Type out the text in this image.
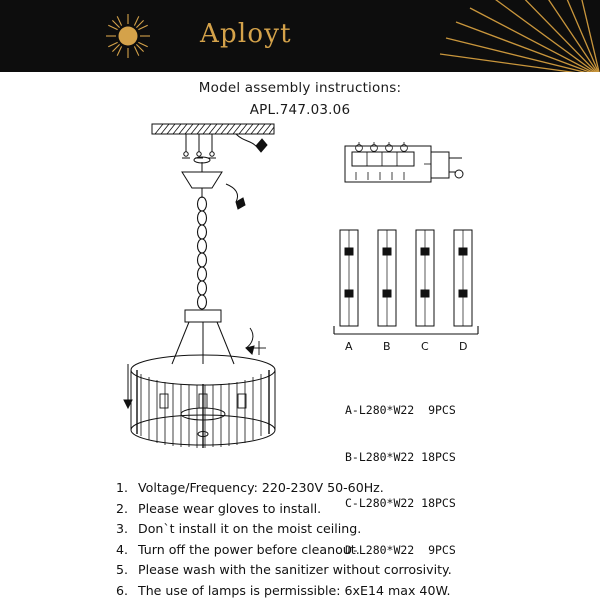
Aployt
Model assembly instructions:
APL.747.03.06
A	B	C	D

A-L280*W22  9PCS

B-L280*W22 18PCS

C-L280*W22 18PCS

D-L280*W22  9PCS

1. Voltage/Frequency: 220-230V 50-60Hz.
2. Please wear gloves to install.
3. Don`t install it on the moist ceiling.
4. Turn off the power before cleanout.
5. Please wash with the sanitizer without corrosivity.
6. The use of lamps is permissible: 6xE14 max 40W.
